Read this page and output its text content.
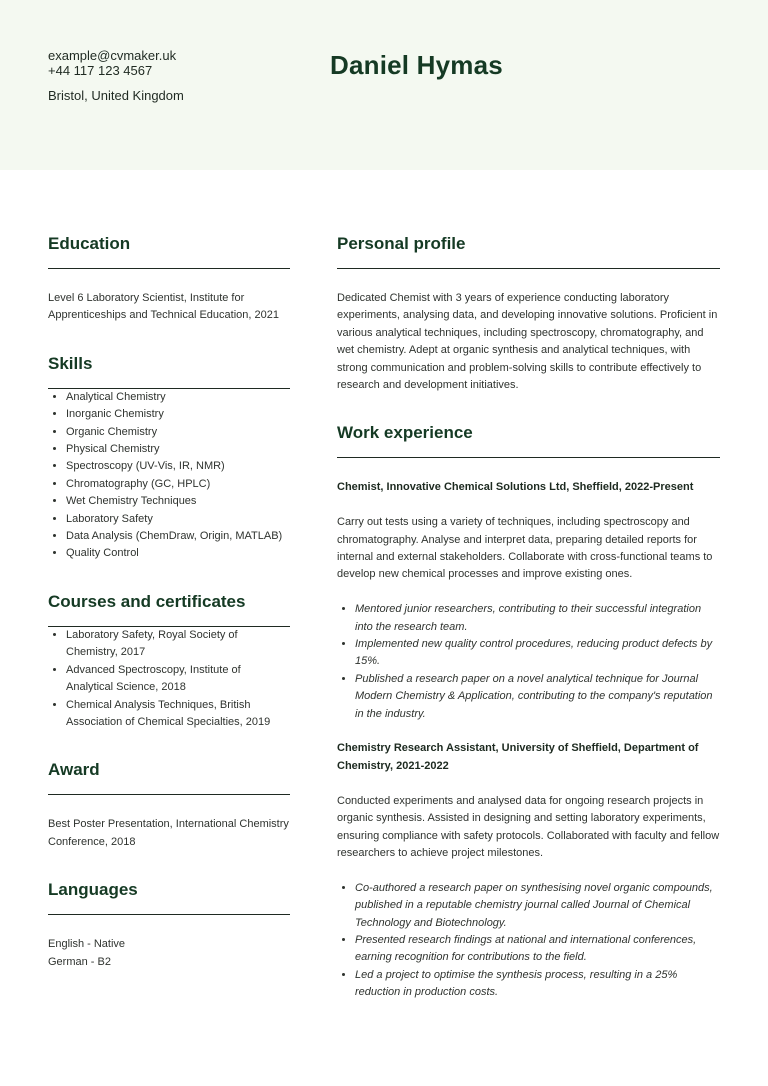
example@cvmaker.uk
+44 117 123 4567
Bristol, United Kingdom
Daniel Hymas
Education
Level 6 Laboratory Scientist, Institute for Apprenticeships and Technical Education, 2021
Skills
• Analytical Chemistry
• Inorganic Chemistry
• Organic Chemistry
• Physical Chemistry
• Spectroscopy (UV-Vis, IR, NMR)
• Chromatography (GC, HPLC)
• Wet Chemistry Techniques
• Laboratory Safety
• Data Analysis (ChemDraw, Origin, MATLAB)
• Quality Control
Courses and certificates
• Laboratory Safety, Royal Society of Chemistry, 2017
• Advanced Spectroscopy, Institute of Analytical Science, 2018
• Chemical Analysis Techniques, British Association of Chemical Specialties, 2019
Award
Best Poster Presentation, International Chemistry Conference, 2018
Languages
English - Native
German - B2
Personal profile
Dedicated Chemist with 3 years of experience conducting laboratory experiments, analysing data, and developing innovative solutions. Proficient in various analytical techniques, including spectroscopy, chromatography, and wet chemistry. Adept at organic synthesis and analytical techniques, with strong communication and problem-solving skills to contribute effectively to research and development initiatives.
Work experience
Chemist, Innovative Chemical Solutions Ltd, Sheffield, 2022-Present
Carry out tests using a variety of techniques, including spectroscopy and chromatography. Analyse and interpret data, preparing detailed reports for internal and external stakeholders. Collaborate with cross-functional teams to develop new chemical processes and improve existing ones.
• Mentored junior researchers, contributing to their successful integration into the research team.
• Implemented new quality control procedures, reducing product defects by 15%.
• Published a research paper on a novel analytical technique for Journal Modern Chemistry & Application, contributing to the company's reputation in the industry.
Chemistry Research Assistant, University of Sheffield, Department of Chemistry, 2021-2022
Conducted experiments and analysed data for ongoing research projects in organic synthesis. Assisted in designing and setting laboratory experiments, ensuring compliance with safety protocols. Collaborated with faculty and fellow researchers to achieve project milestones.
• Co-authored a research paper on synthesising novel organic compounds, published in a reputable chemistry journal called Journal of Chemical Technology and Biotechnology.
• Presented research findings at national and international conferences, earning recognition for contributions to the field.
• Led a project to optimise the synthesis process, resulting in a 25% reduction in production costs.
